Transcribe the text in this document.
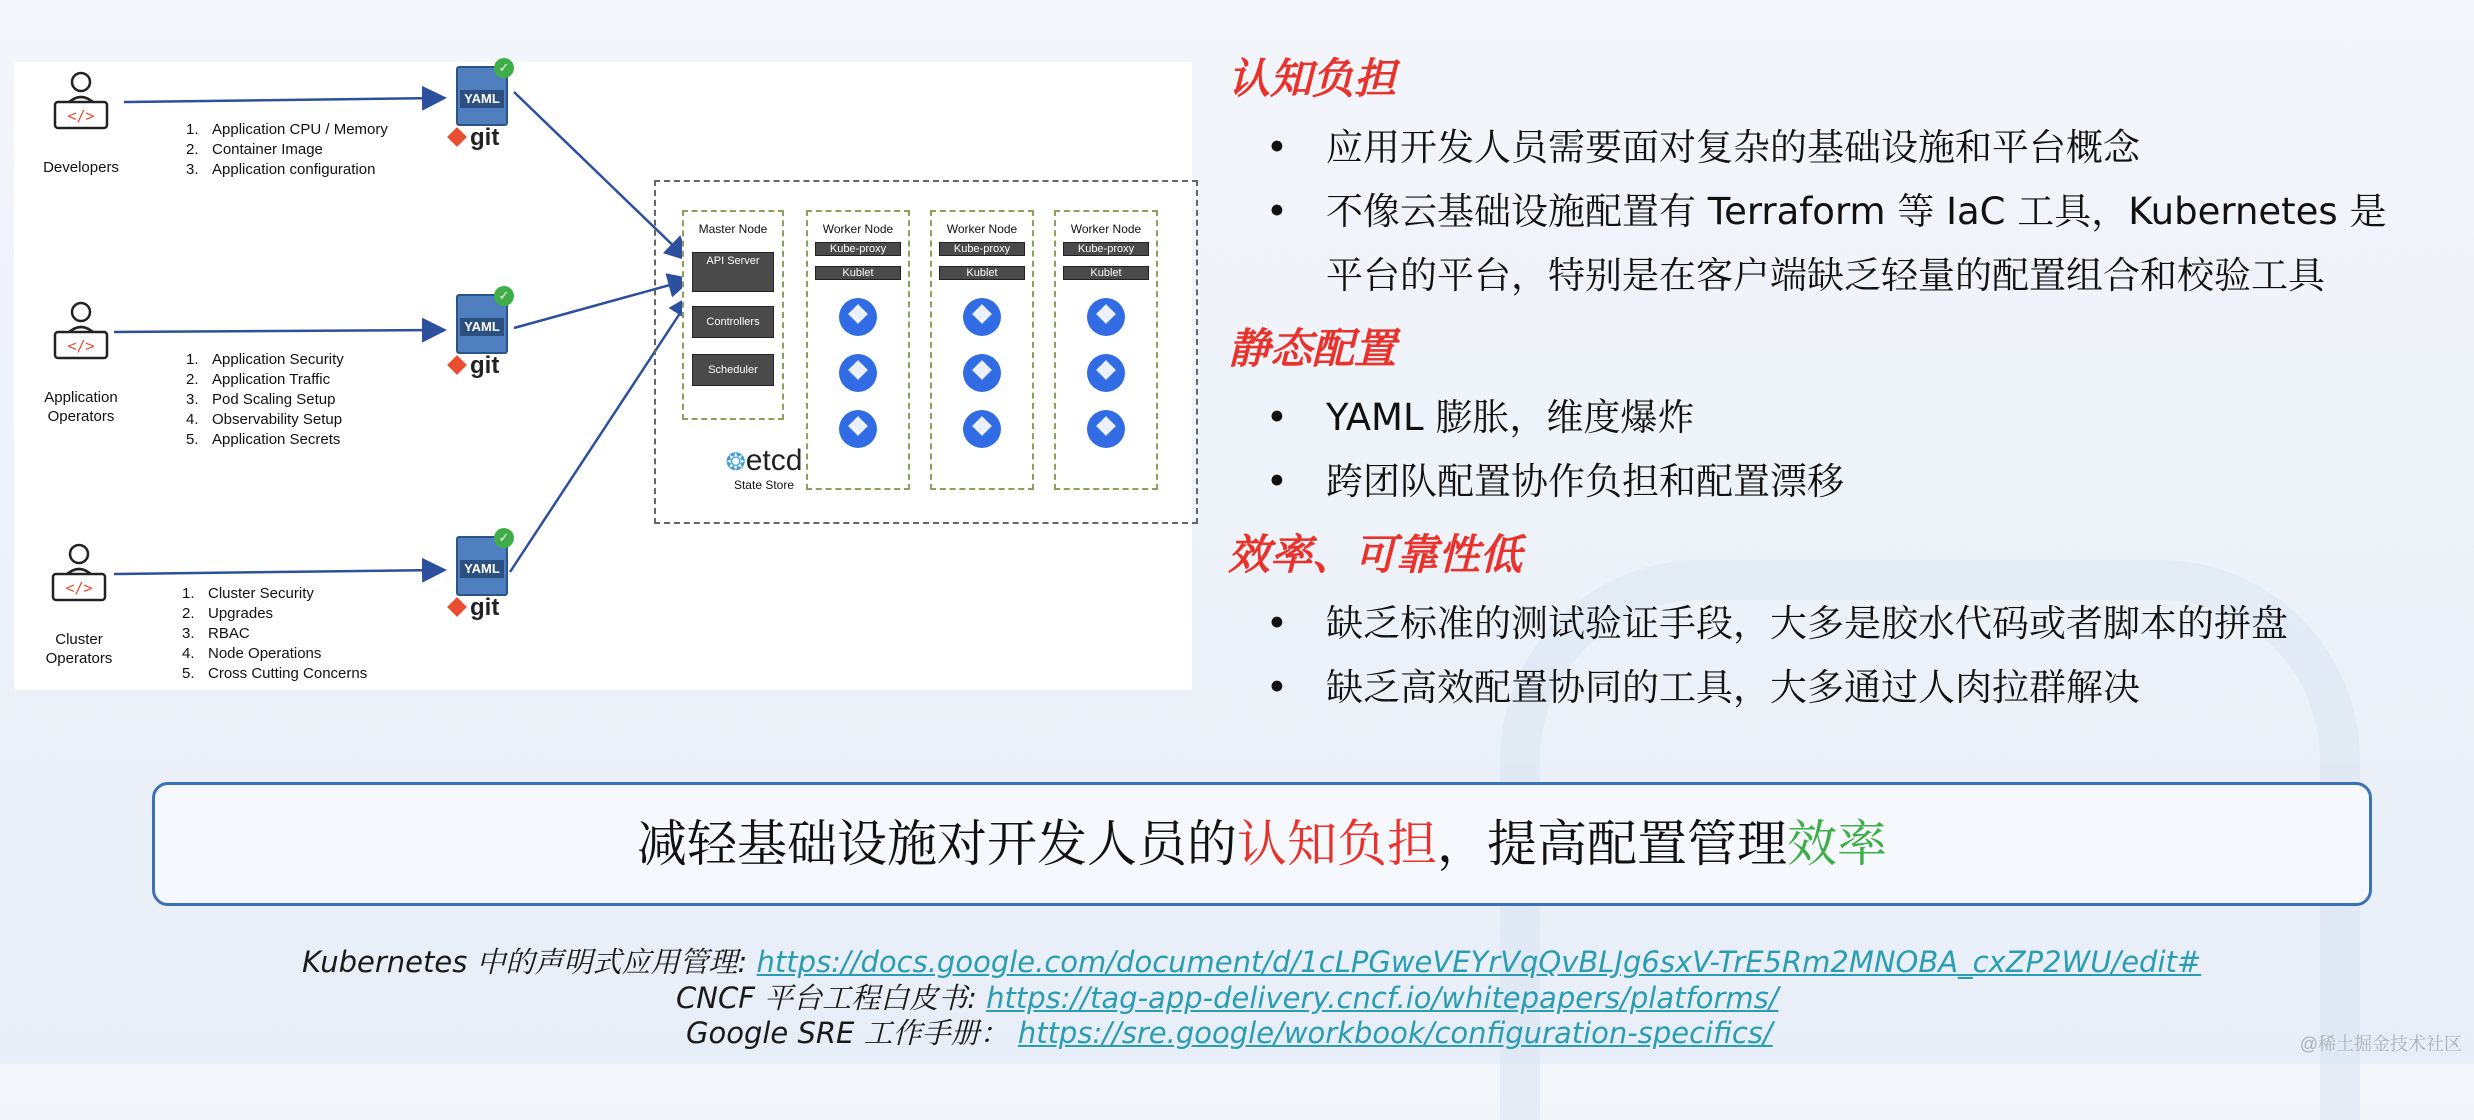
</>
Developers
</>
Application Operators
</>
Cluster Operators
YAML
✓
git
YAML
✓
git
YAML
✓
git
1. Application CPU / Memory
2. Container Image
3. Application configuration
1. Application Security
2. Application Traffic
3. Pod Scaling Setup
4. Observability Setup
5. Application Secrets
1. Cluster Security
2. Upgrades
3. RBAC
4. Node Operations
5. Cross Cutting Concerns
Master Node
API Server
Controllers
Scheduler
❂etcd
State Store
Worker Node
Kube-proxy
Kublet
Worker Node
Kube-proxy
Kublet
Worker Node
Kube-proxy
Kublet
认知负担
• 应用开发人员需要面对复杂的基础设施和平台概念
• 不像云基础设施配置有 Terraform 等 IaC 工具，Kubernetes 是
平台的平台，特别是在客户端缺乏轻量的配置组合和校验工具
静态配置
• YAML 膨胀，维度爆炸
• 跨团队配置协作负担和配置漂移
效率、可靠性低
• 缺乏标准的测试验证手段，大多是胶水代码或者脚本的拼盘
• 缺乏高效配置协同的工具，大多通过人肉拉群解决
减轻基础设施对开发人员的认知负担，提高配置管理效率
Kubernetes 中的声明式应用管理: https://docs.google.com/document/d/1cLPGweVEYrVqQvBLJg6sxV-TrE5Rm2MNOBA_cxZP2WU/edit#
CNCF 平台工程白皮书: https://tag-app-delivery.cncf.io/whitepapers/platforms/
Google SRE 工作手册： https://sre.google/workbook/configuration-specifics/	@稀土掘金技术社区
